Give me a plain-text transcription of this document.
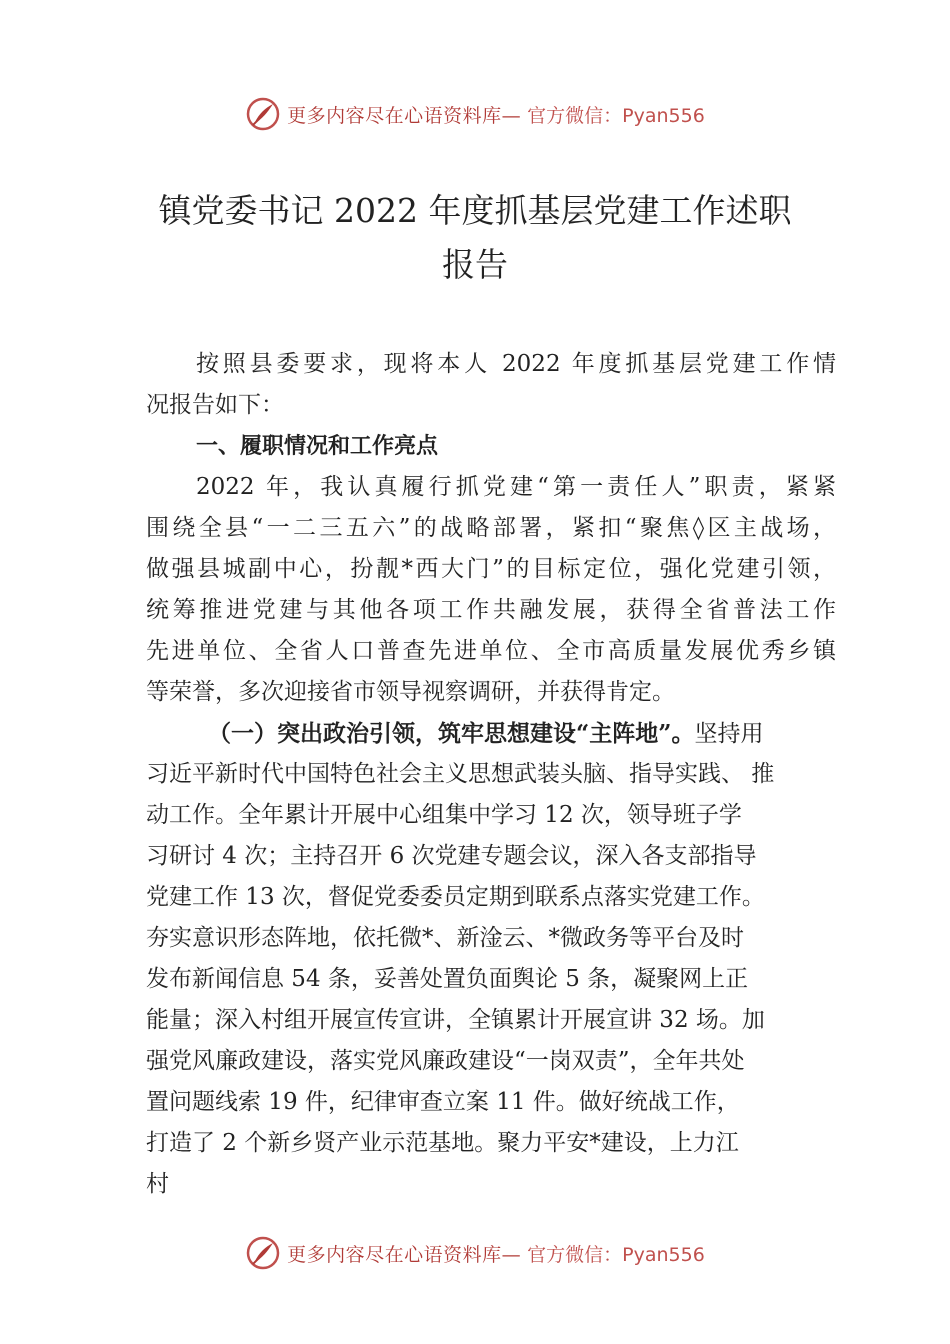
更多内容尽在心语资料库— 官方微信：Pyan556
镇党委书记 2022 年度抓基层党建工作述职
报告
按照县委要求，现将本人 2022 年度抓基层党建工作情
况报告如下：
一、履职情况和工作亮点
2022 年，我认真履行抓党建“第一责任人”职责，紧紧
围绕全县“一二三五六”的战略部署，紧扣“聚焦◊区主战场，
做强县城副中心，扮靓*西大门”的目标定位，强化党建引领，
统筹推进党建与其他各项工作共融发展，获得全省普法工作
先进单位、全省人口普查先进单位、全市高质量发展优秀乡镇
等荣誉，多次迎接省市领导视察调研，并获得肯定。
（一）突出政治引领，筑牢思想建设“主阵地”。坚持用
习近平新时代中国特色社会主义思想武装头脑、指导实践、 推
动工作。全年累计开展中心组集中学习 12 次，领导班子学
习研讨 4 次；主持召开 6 次党建专题会议，深入各支部指导
党建工作 13 次，督促党委委员定期到联系点落实党建工作。
夯实意识形态阵地，依托微*、新淦云、*微政务等平台及时
发布新闻信息 54 条，妥善处置负面舆论 5 条，凝聚网上正
能量；深入村组开展宣传宣讲，全镇累计开展宣讲 32 场。加
强党风廉政建设，落实党风廉政建设“一岗双责”，全年共处
置问题线索 19 件，纪律审查立案 11 件。做好统战工作，
打造了 2 个新乡贤产业示范基地。聚力平安*建设，上力江
村
更多内容尽在心语资料库— 官方微信：Pyan556
